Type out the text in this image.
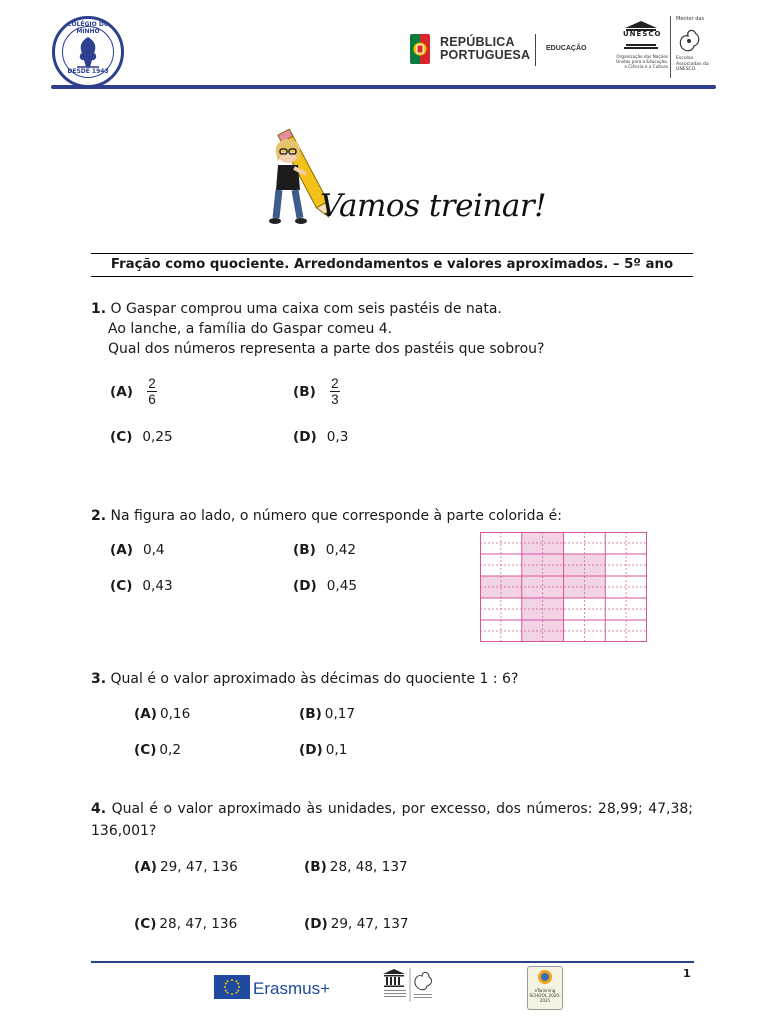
COLÉGIO DO MINHO
DESDE 1943
REPÚBLICA
PORTUGUESA EDUCAÇÃO
UNESCO
Organização das Nações Unidas para a Educação, a Ciência e a Cultura
Mentor das
Escolas Associadas da UNESCO
Vamos treinar!
Fração como quociente. Arredondamentos e valores aproximados. – 5º ano
1. O Gaspar comprou uma caixa com seis pastéis de nata.
Ao lanche, a família do Gaspar comeu 4.
Qual dos números representa a parte dos pastéis que sobrou?
$(A) \frac{2}{6}$	$(B) \frac{2}{3}$
(C) 0,25	(D) 0,3
2. Na figura ao lado, o número que corresponde à parte colorida é:
(A) 0,4	(B) 0,42
(C) 0,43	(D) 0,45
3. Qual é o valor aproximado às décimas do quociente 1 : 6?
(A) 0,16	(B) 0,17
(C) 0,2	(D) 0,1
4. Qual é o valor aproximado às unidades, por excesso, dos números: 28,99; 47,38; 136,001?
(A) 29, 47, 136	(B) 28, 48, 137
(C) 28, 47, 136	(D) 29, 47, 137
1
Erasmus+	eTwinning SCHOOL 2020-2021
